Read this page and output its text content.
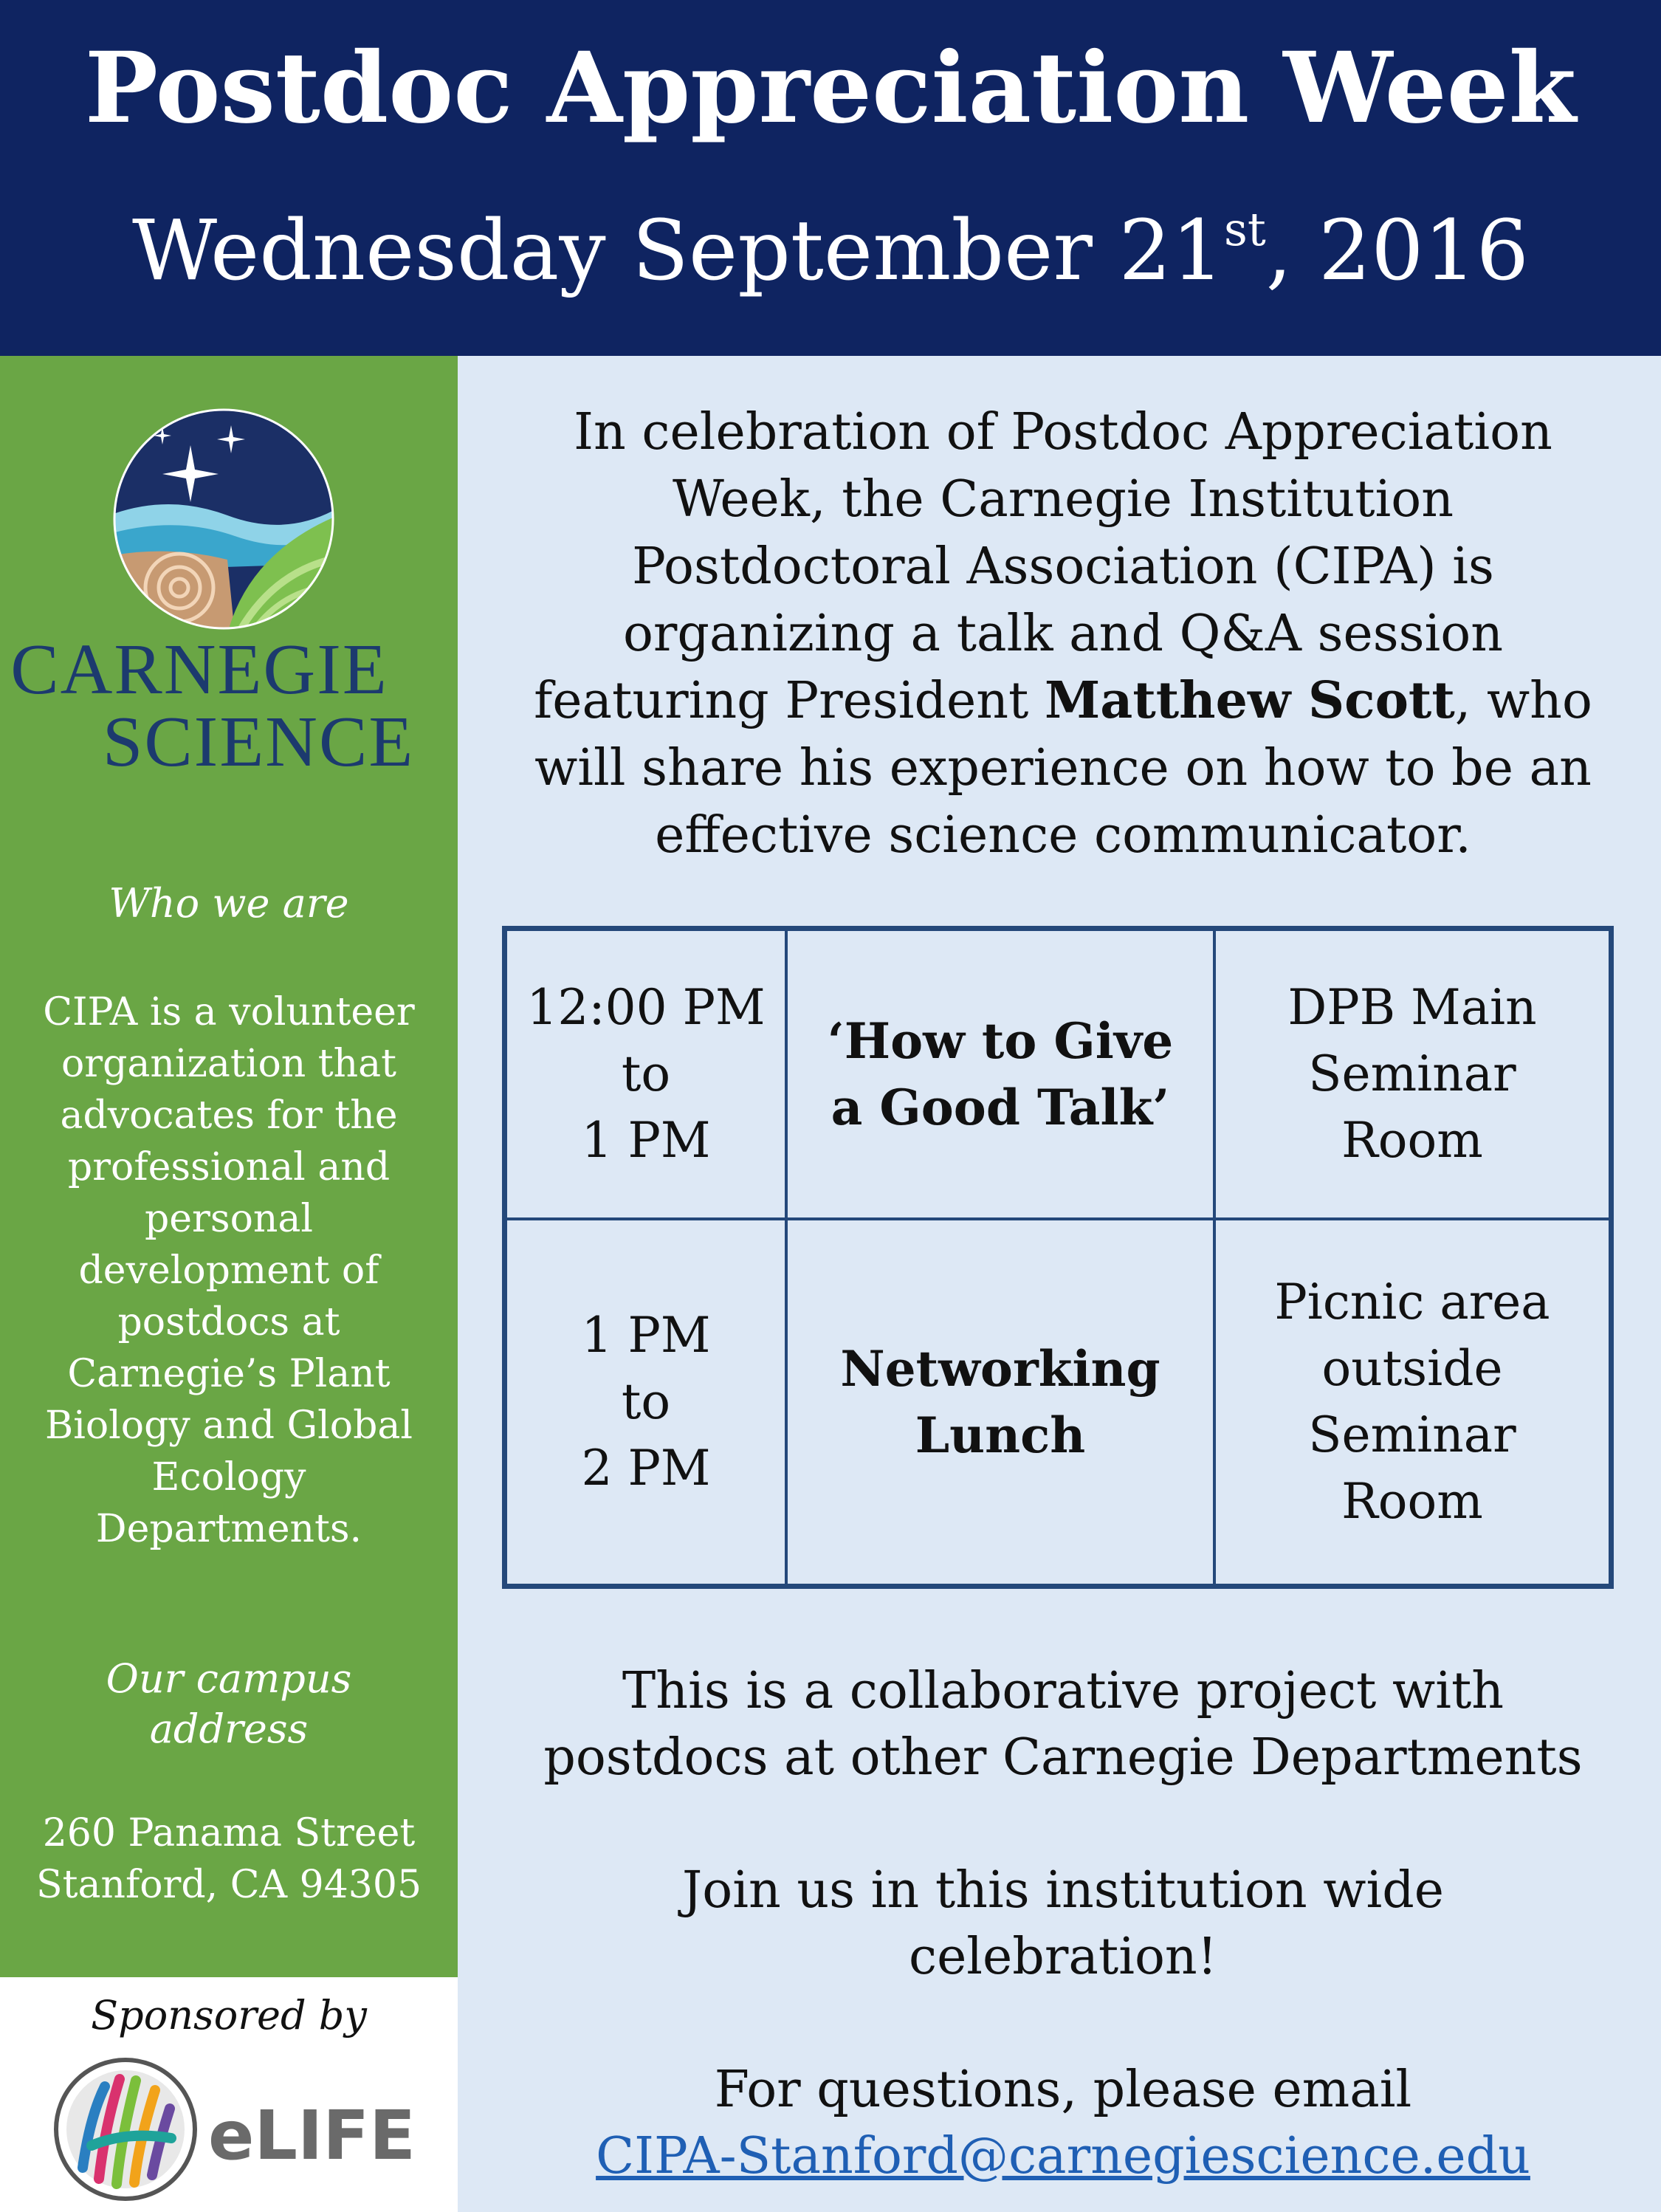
Postdoc Appreciation Week
Wednesday September 21st, 2016
CARNEGIE
SCIENCE
Who we are
CIPA is a volunteer
organization that
advocates for the
professional and
personal
development of
postdocs at
Carnegie’s Plant
Biology and Global
Ecology
Departments.
Our campus
address
260 Panama Street
Stanford, CA 94305
Sponsored by
eLIFE
In celebration of Postdoc Appreciation
Week, the Carnegie Institution
Postdoctoral Association (CIPA) is
organizing a talk and Q&A session
featuring President Matthew Scott, who
will share his experience on how to be an
effective science communicator.
12:00 PM
to
1 PM
‘How to Give
a Good Talk’
DPB Main
Seminar
Room
1 PM
to
2 PM
Networking
Lunch
Picnic area
outside
Seminar
Room
This is a collaborative project with
postdocs at other Carnegie Departments
Join us in this institution wide
celebration!
For questions, please email
CIPA-Stanford@carnegiescience.edu
